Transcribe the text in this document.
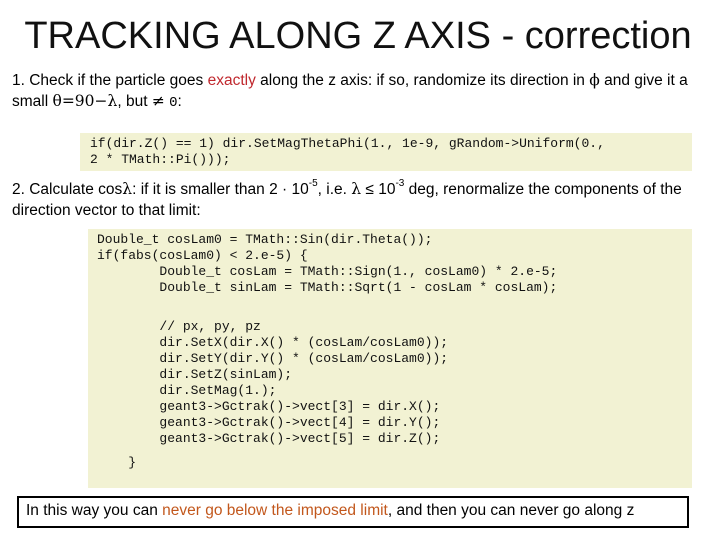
TRACKING ALONG Z AXIS - correction
1. Check if the particle goes exactly along the z axis: if so, randomize its direction in ϕ and give it a small θ=90−λ, but ≠ 0:
if(dir.Z() == 1) dir.SetMagThetaPhi(1., 1e-9, gRandom->Uniform(0.,
2 * TMath::Pi()));
2. Calculate cosλ: if it is smaller than $2 \cdot 10^{-5}$, i.e. $\lambda \le 10^{-3}$ deg, renormalize the components of the direction vector to that limit:
Double_t cosLam0 = TMath::Sin(dir.Theta());
if(fabs(cosLam0) < 2.e-5) {
Double_t cosLam = TMath::Sign(1., cosLam0) * 2.e-5;
Double_t sinLam = TMath::Sqrt(1 - cosLam * cosLam);
// px, py, pz
dir.SetX(dir.X() * (cosLam/cosLam0));
dir.SetY(dir.Y() * (cosLam/cosLam0));
dir.SetZ(sinLam);
dir.SetMag(1.);
geant3->Gctrak()->vect[3] = dir.X();
geant3->Gctrak()->vect[4] = dir.Y();
geant3->Gctrak()->vect[5] = dir.Z();
}
In this way you can never go below the imposed limit, and then you can never go along z
